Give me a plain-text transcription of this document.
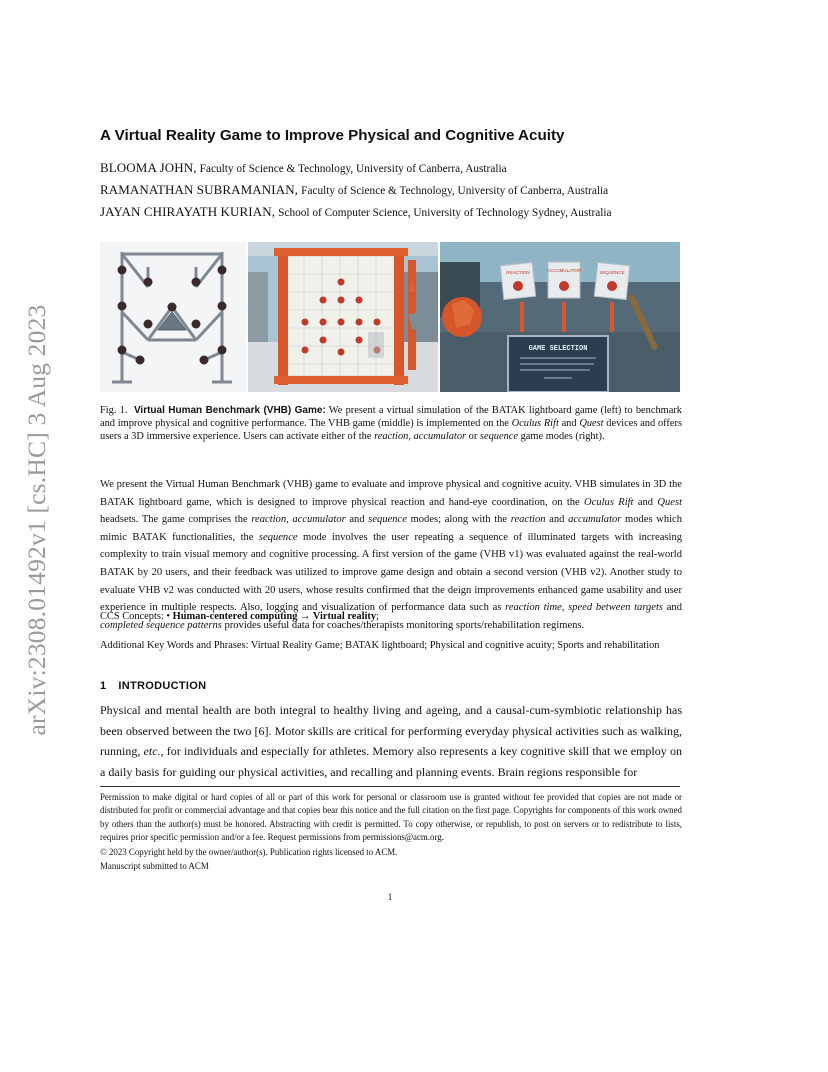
arXiv:2308.01492v1 [cs.HC] 3 Aug 2023
A Virtual Reality Game to Improve Physical and Cognitive Acuity
BLOOMA JOHN, Faculty of Science & Technology, University of Canberra, Australia
RAMANATHAN SUBRAMANIAN, Faculty of Science & Technology, University of Canberra, Australia
JAYAN CHIRAYATH KURIAN, School of Computer Science, University of Technology Sydney, Australia
REACTION	ACCUMULATOR	SEQUENCE
GAME SELECTION
Fig. 1. Virtual Human Benchmark (VHB) Game: We present a virtual simulation of the BATAK lightboard game (left) to benchmark and improve physical and cognitive performance. The VHB game (middle) is implemented on the Oculus Rift and Quest devices and offers users a 3D immersive experience. Users can activate either of the reaction, accumulator or sequence game modes (right).
We present the Virtual Human Benchmark (VHB) game to evaluate and improve physical and cognitive acuity. VHB simulates in 3D the BATAK lightboard game, which is designed to improve physical reaction and hand-eye coordination, on the Oculus Rift and Quest headsets. The game comprises the reaction, accumulator and sequence modes; along with the reaction and accumulator modes which mimic BATAK functionalities, the sequence mode involves the user repeating a sequence of illuminated targets with increasing complexity to train visual memory and cognitive processing. A first version of the game (VHB v1) was evaluated against the real-world BATAK by 20 users, and their feedback was utilized to improve game design and obtain a second version (VHB v2). Another study to evaluate VHB v2 was conducted with 20 users, whose results confirmed that the deign improvements enhanced game usability and user experience in multiple respects. Also, logging and visualization of performance data such as reaction time, speed between targets and completed sequence patterns provides useful data for coaches/therapists monitoring sports/rehabilitation regimens.
CCS Concepts: • Human-centered computing → Virtual reality;
Additional Key Words and Phrases: Virtual Reality Game; BATAK lightboard; Physical and cognitive acuity; Sports and rehabilitation
1 INTRODUCTION
Physical and mental health are both integral to healthy living and ageing, and a causal-cum-symbiotic relationship has been observed between the two [6]. Motor skills are critical for performing everyday physical activities such as walking, running, etc., for individuals and especially for athletes. Memory also represents a key cognitive skill that we employ on a daily basis for guiding our physical activities, and recalling and planning events. Brain regions responsible for
Permission to make digital or hard copies of all or part of this work for personal or classroom use is granted without fee provided that copies are not made or distributed for profit or commercial advantage and that copies bear this notice and the full citation on the first page. Copyrights for components of this work owned by others than the author(s) must be honored. Abstracting with credit is permitted. To copy otherwise, or republish, to post on servers or to redistribute to lists, requires prior specific permission and/or a fee. Request permissions from permissions@acm.org.
© 2023 Copyright held by the owner/author(s). Publication rights licensed to ACM.
Manuscript submitted to ACM
1
